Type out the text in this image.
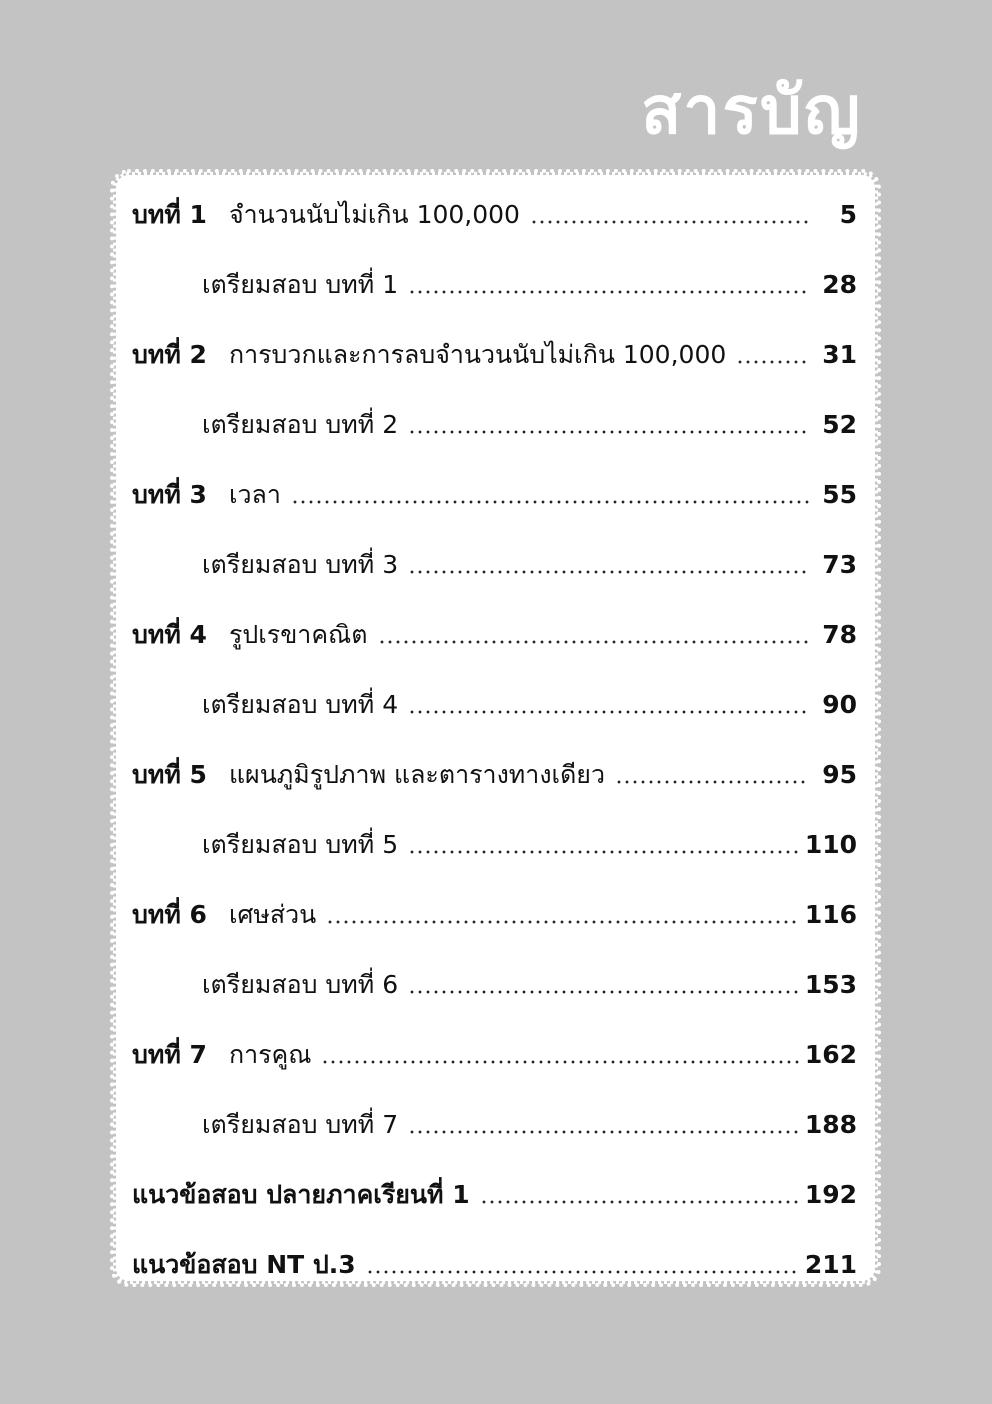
สารบัญ
บทที่ 1 จำนวนนับไม่เกิน 100,000	5
เตรียมสอบ บทที่ 1	28
บทที่ 2 การบวกและการลบจำนวนนับไม่เกิน 100,000	31
เตรียมสอบ บทที่ 2	52
บทที่ 3 เวลา	55
เตรียมสอบ บทที่ 3	73
บทที่ 4 รูปเรขาคณิต	78
เตรียมสอบ บทที่ 4	90
บทที่ 5 แผนภูมิรูปภาพ และตารางทางเดียว	95
เตรียมสอบ บทที่ 5	110
บทที่ 6 เศษส่วน	116
เตรียมสอบ บทที่ 6	153
บทที่ 7 การคูณ	162
เตรียมสอบ บทที่ 7	188
แนวข้อสอบ ปลายภาคเรียนที่ 1	192
แนวข้อสอบ NT ป.3	211
